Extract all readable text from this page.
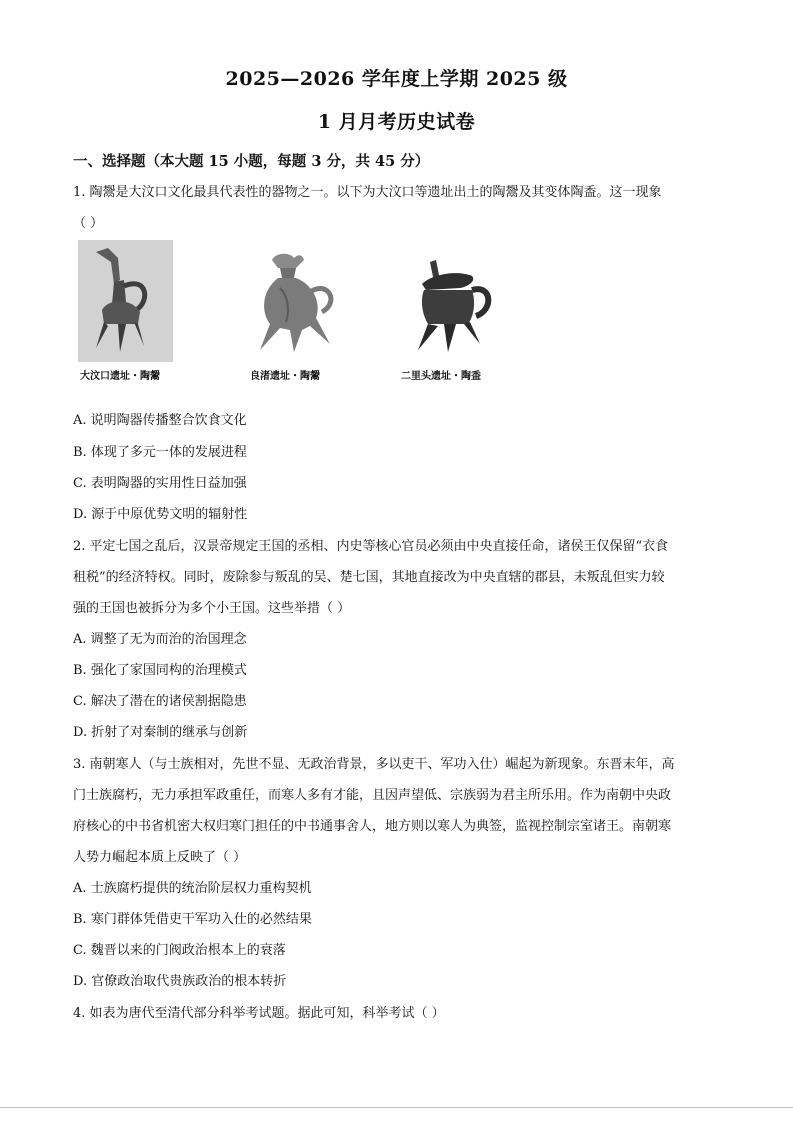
2025—2026 学年度上学期 2025 级
1 月月考历史试卷
一、选择题（本大题 15 小题，每题 3 分，共 45 分）
1. 陶鬶是大汶口文化最具代表性的器物之一。以下为大汶口等遗址出土的陶鬶及其变体陶盉。这一现象
（ ）
大汶口遗址・陶鬶	良渚遗址・陶鬶	二里头遗址・陶盉
A. 说明陶器传播整合饮食文化
B. 体现了多元一体的发展进程
C. 表明陶器的实用性日益加强
D. 源于中原优势文明的辐射性
2. 平定七国之乱后，汉景帝规定王国的丞相、内史等核心官员必须由中央直接任命，诸侯王仅保留“衣食
租税”的经济特权。同时，废除参与叛乱的吴、楚七国，其地直接改为中央直辖的郡县，未叛乱但实力较
强的王国也被拆分为多个小王国。这些举措（ ）
A. 调整了无为而治的治国理念
B. 强化了家国同构的治理模式
C. 解决了潜在的诸侯割据隐患
D. 折射了对秦制的继承与创新
3. 南朝寒人（与士族相对，先世不显、无政治背景，多以吏干、军功入仕）崛起为新现象。东晋末年，高
门士族腐朽，无力承担军政重任，而寒人多有才能，且因声望低、宗族弱为君主所乐用。作为南朝中央政
府核心的中书省机密大权归寒门担任的中书通事舍人，地方则以寒人为典签，监视控制宗室诸王。南朝寒
人势力崛起本质上反映了（ ）
A. 士族腐朽提供的统治阶层权力重构契机
B. 寒门群体凭借吏干军功入仕的必然结果
C. 魏晋以来的门阀政治根本上的衰落
D. 官僚政治取代贵族政治的根本转折
4. 如表为唐代至清代部分科举考试题。据此可知，科举考试（ ）
